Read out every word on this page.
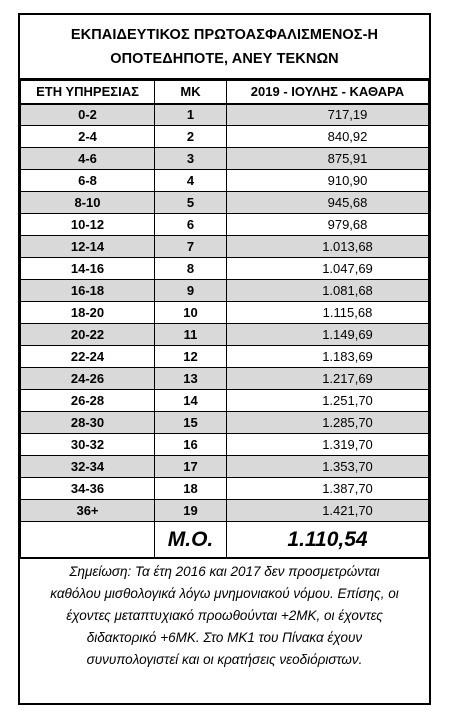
ΕΚΠΑΙΔΕΥΤΙΚΟΣ ΠΡΩΤΟΑΣΦΑΛΙΣΜΕΝΟΣ-Η
ΟΠΟΤΕΔΗΠΟΤΕ, ΑΝΕΥ ΤΕΚΝΩΝ
ΕΤΗ ΥΠΗΡΕΣΙΑΣ	ΜΚ	2019 - ΙΟΥΛΗΣ - ΚΑΘΑΡΑ
0-2	1	717,19
2-4	2	840,92
4-6	3	875,91
6-8	4	910,90
8-10	5	945,68
10-12	6	979,68
12-14	7	1.013,68
14-16	8	1.047,69
16-18	9	1.081,68
18-20	10	1.115,68
20-22	11	1.149,69
22-24	12	1.183,69
24-26	13	1.217,69
26-28	14	1.251,70
28-30	15	1.285,70
30-32	16	1.319,70
32-34	17	1.353,70
34-36	18	1.387,70
36+	19	1.421,70
	Μ.Ο.	1.110,54
Σημείωση: Τα έτη 2016 και 2017 δεν προσμετρώνται
καθόλου μισθολογικά λόγω μνημονιακού νόμου. Επίσης, οι
έχοντες μεταπτυχιακό προωθούνται +2ΜΚ, οι έχοντες
διδακτορικό +6ΜΚ. Στο ΜΚ1 του Πίνακα έχουν
συνυπολογιστεί και οι κρατήσεις νεοδιόριστων.
